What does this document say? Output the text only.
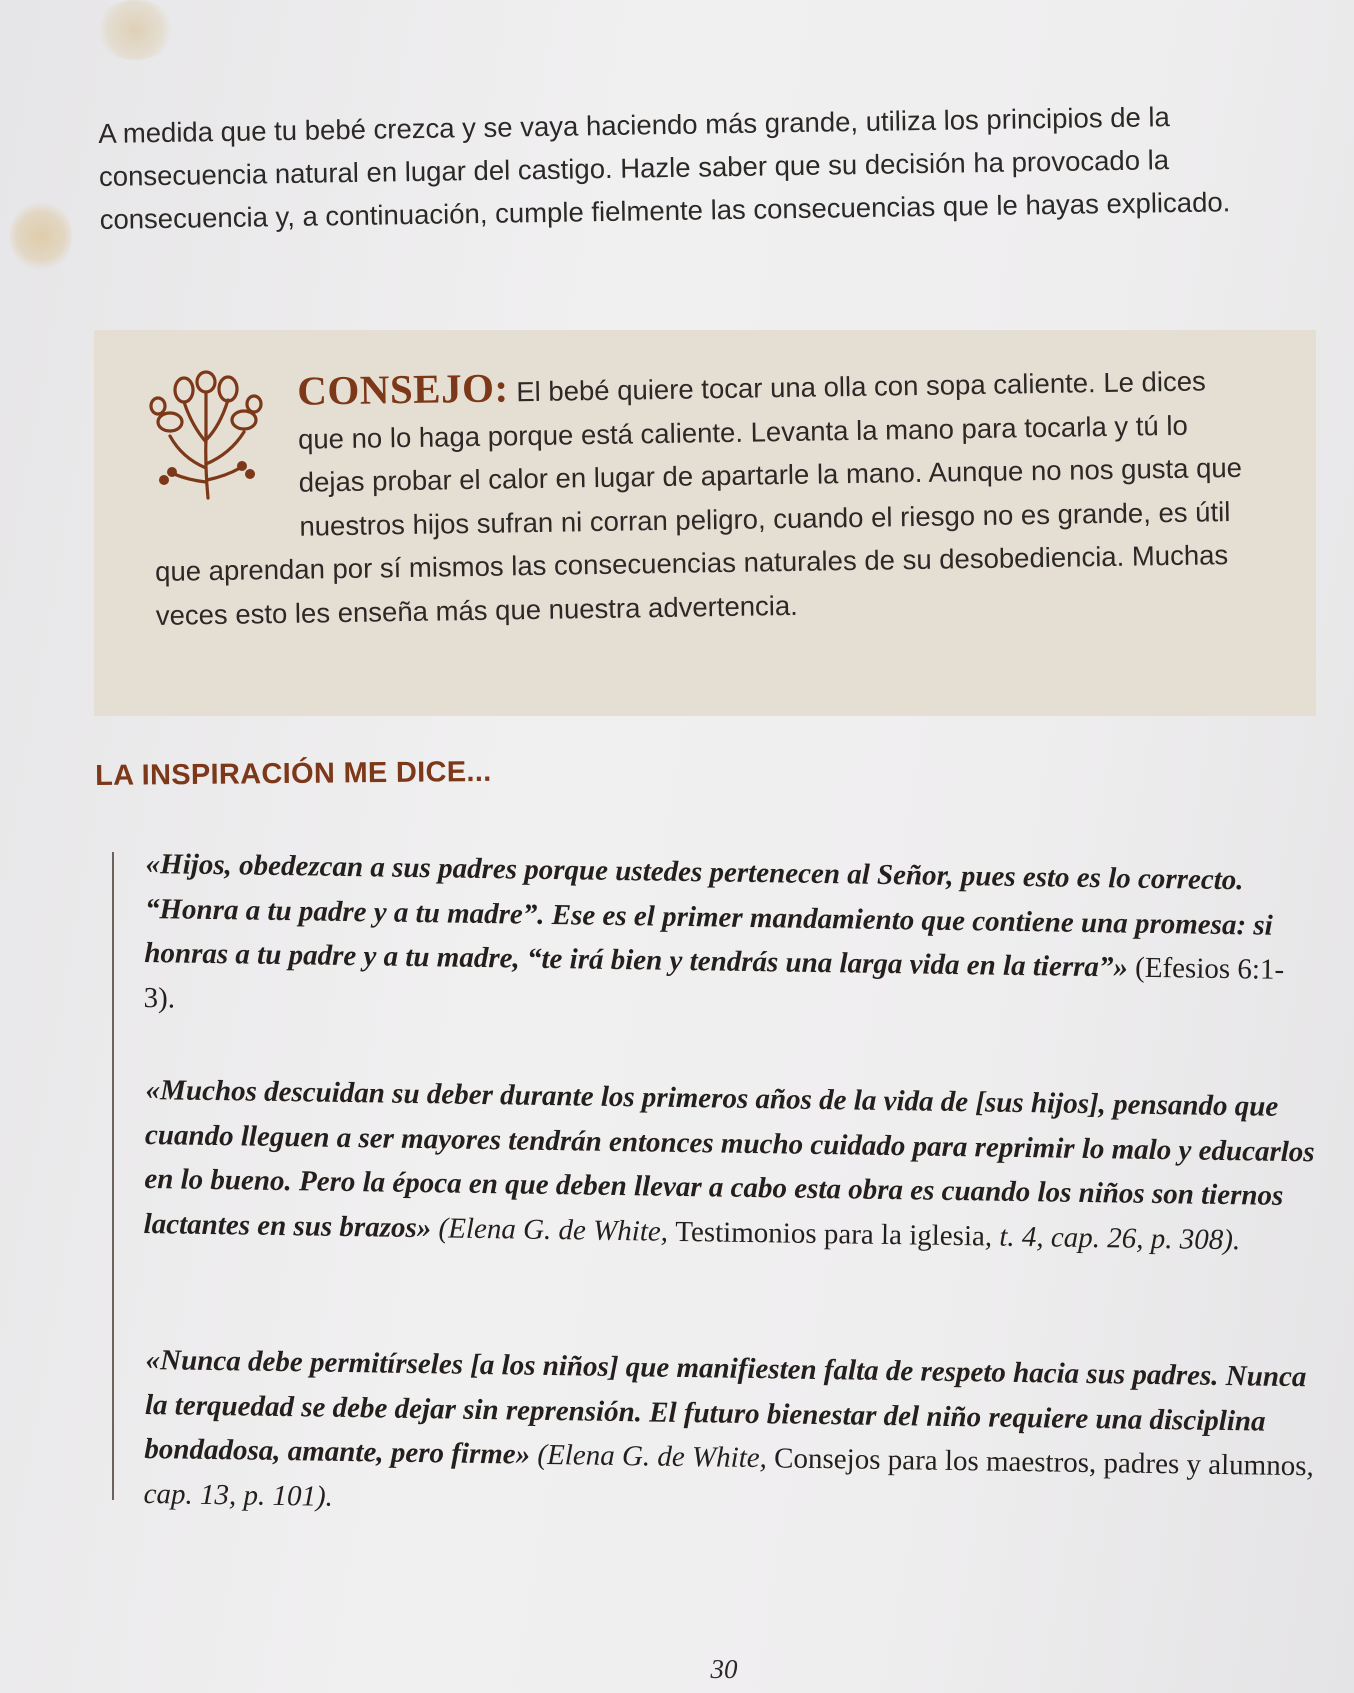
A medida que tu bebé crezca y se vaya haciendo más grande, utiliza los principios de la consecuencia natural en lugar del castigo. Hazle saber que su decisión ha provocado la consecuencia y, a continuación, cumple fielmente las consecuencias que le hayas explicado.

CONSEJO: El bebé quiere tocar una olla con sopa caliente. Le dices que no lo haga porque está caliente. Levanta la mano para tocarla y tú lo dejas probar el calor en lugar de apartarle la mano. Aunque no nos gusta que nuestros hijos sufran ni corran peligro, cuando el riesgo no es grande, es útil que aprendan por sí mismos las consecuencias naturales de su desobediencia. Muchas veces esto les enseña más que nuestra advertencia.

LA INSPIRACIÓN ME DICE...

«Hijos, obedezcan a sus padres porque ustedes pertenecen al Señor, pues esto es lo correcto. “Honra a tu padre y a tu madre”. Ese es el primer mandamiento que contiene una promesa: si honras a tu padre y a tu madre, “te irá bien y tendrás una larga vida en la tierra”» (Efesios 6:1-3).

«Muchos descuidan su deber durante los primeros años de la vida de [sus hijos], pensando que cuando lleguen a ser mayores tendrán entonces mucho cuidado para reprimir lo malo y educarlos en lo bueno. Pero la época en que deben llevar a cabo esta obra es cuando los niños son tiernos lactantes en sus brazos» (Elena G. de White, Testimonios para la iglesia, t. 4, cap. 26, p. 308).

«Nunca debe permitírseles [a los niños] que manifiesten falta de respeto hacia sus padres. Nunca la terquedad se debe dejar sin reprensión. El futuro bienestar del niño requiere una disciplina bondadosa, amante, pero firme» (Elena G. de White, Consejos para los maestros, padres y alumnos, cap. 13, p. 101).

30
